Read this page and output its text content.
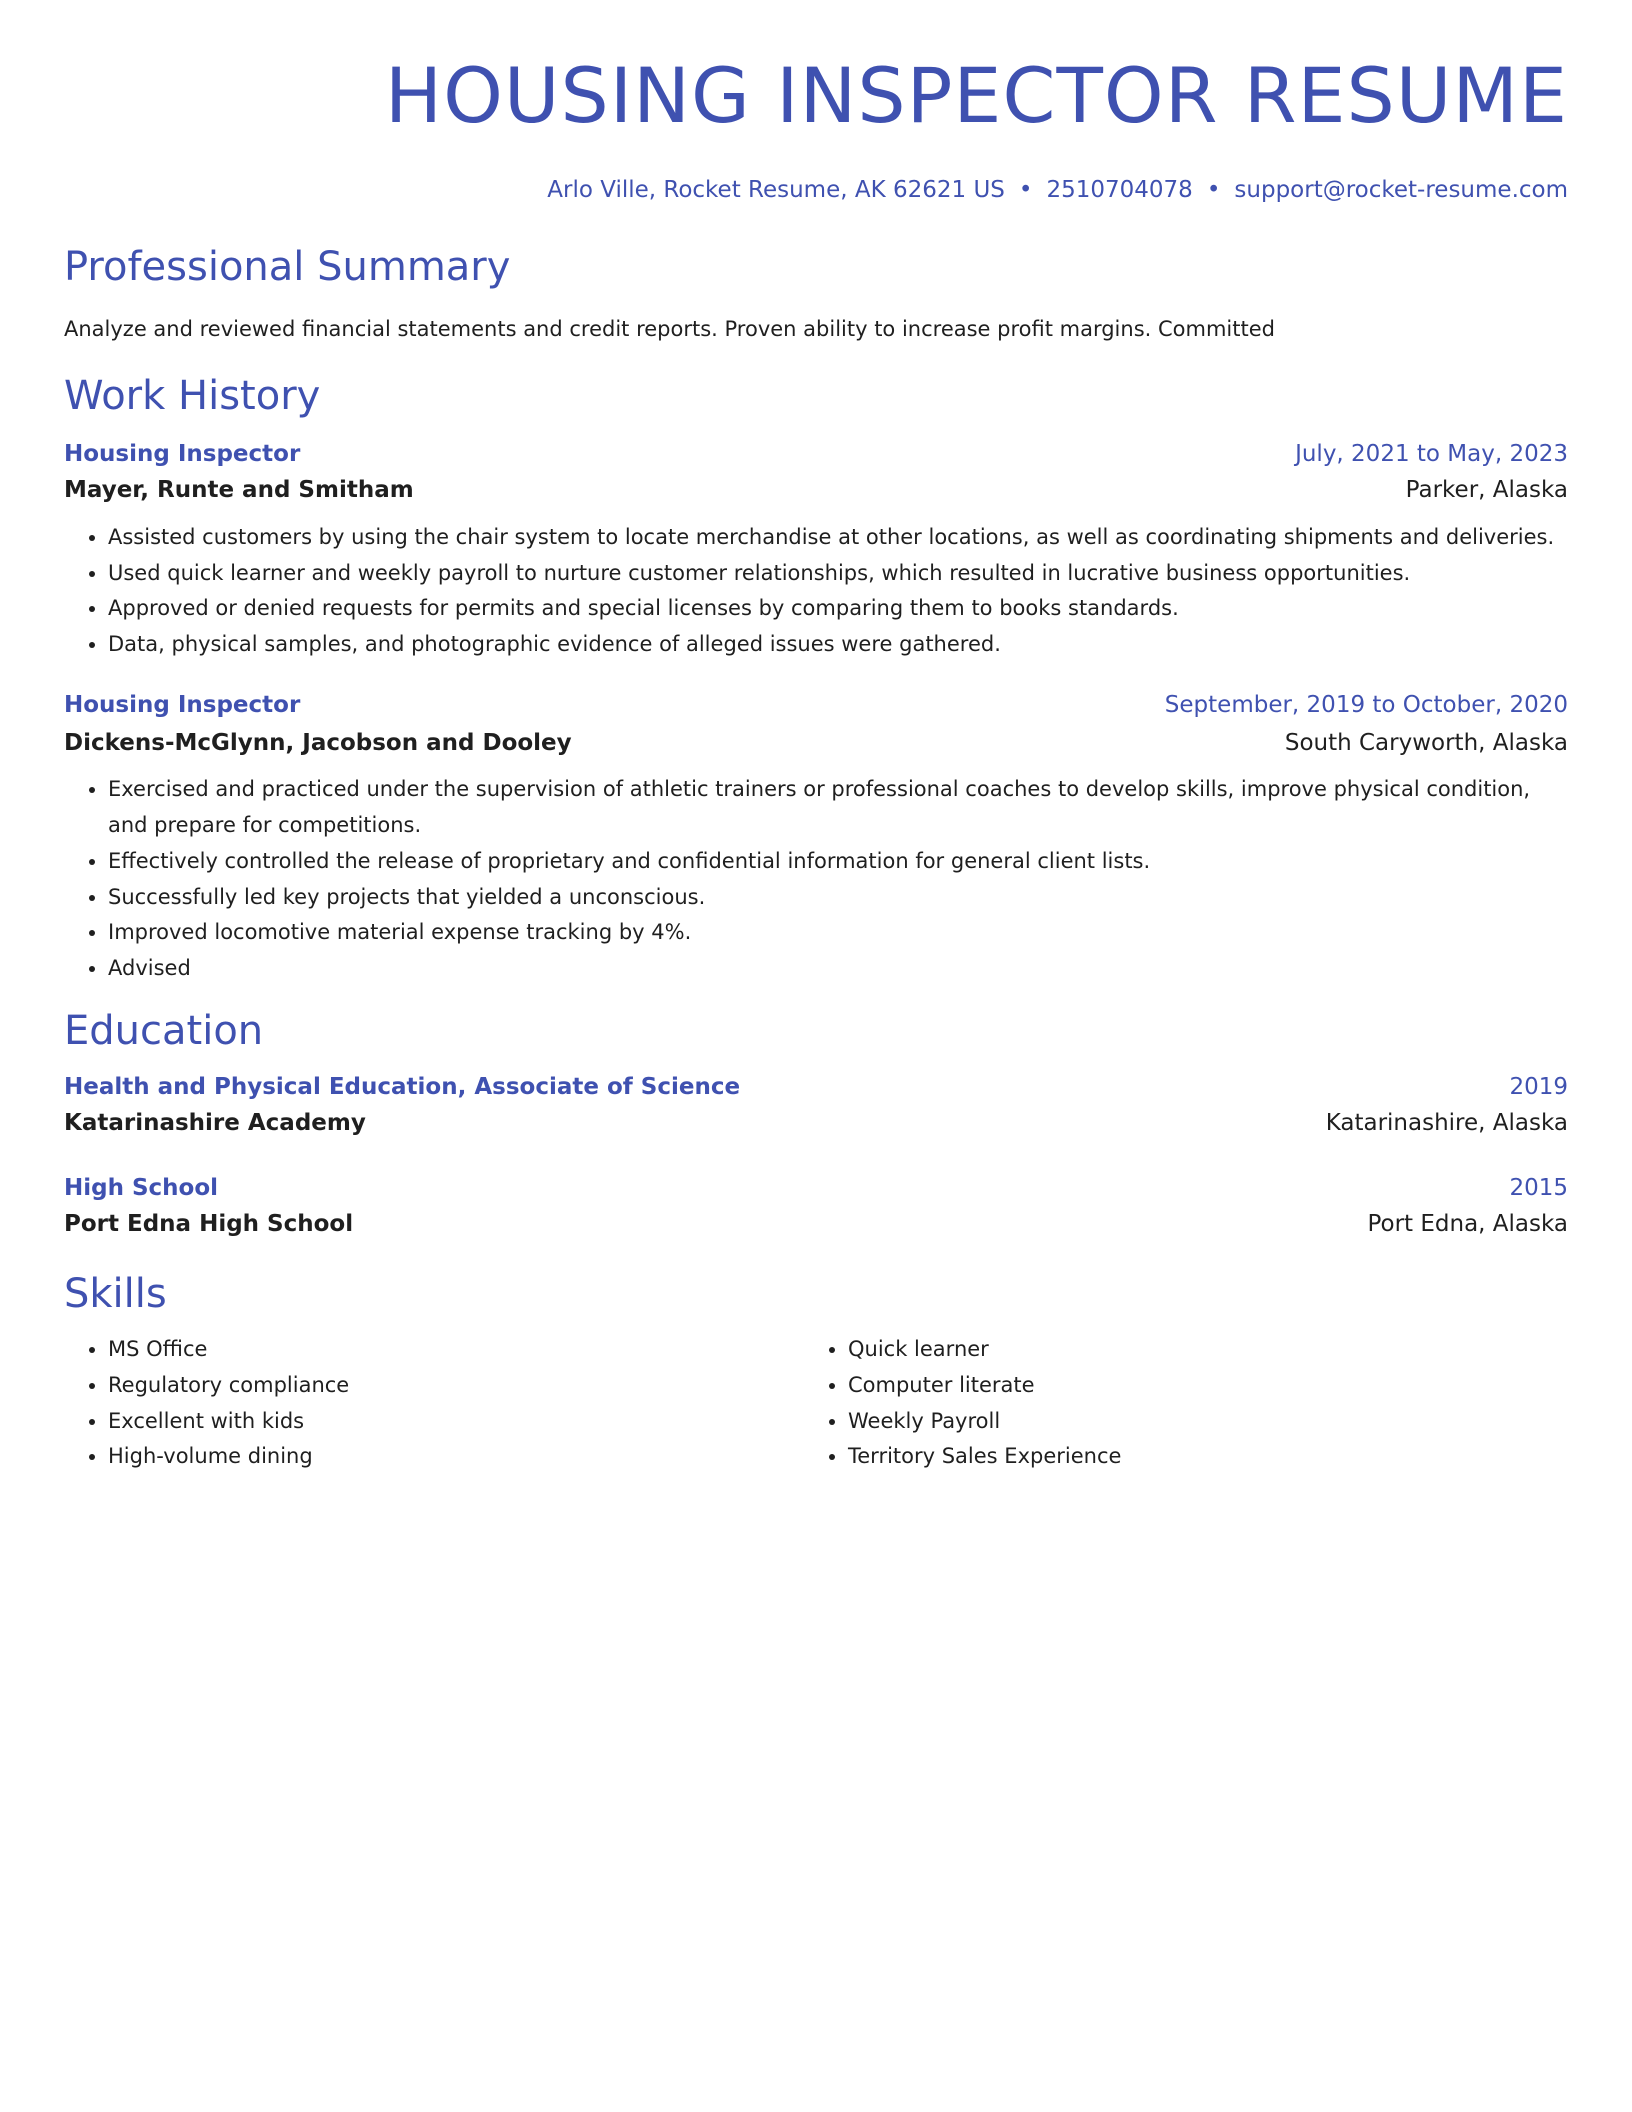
HOUSING INSPECTOR RESUME
Arlo Ville, Rocket Resume, AK 62621 US • 2510704078 • support@rocket-resume.com
Professional Summary
Analyze and reviewed financial statements and credit reports. Proven ability to increase profit margins. Committed
Work History
Housing Inspector	July, 2021 to May, 2023
Mayer, Runte and Smitham	Parker, Alaska
• Assisted customers by using the chair system to locate merchandise at other locations, as well as coordinating shipments and deliveries.
• Used quick learner and weekly payroll to nurture customer relationships, which resulted in lucrative business opportunities.
• Approved or denied requests for permits and special licenses by comparing them to books standards.
• Data, physical samples, and photographic evidence of alleged issues were gathered.
Housing Inspector	September, 2019 to October, 2020
Dickens-McGlynn, Jacobson and Dooley	South Caryworth, Alaska
• Exercised and practiced under the supervision of athletic trainers or professional coaches to develop skills, improve physical condition, and prepare for competitions.
• Effectively controlled the release of proprietary and confidential information for general client lists.
• Successfully led key projects that yielded a unconscious.
• Improved locomotive material expense tracking by 4%.
• Advised
Education
Health and Physical Education, Associate of Science	2019
Katarinashire Academy	Katarinashire, Alaska
High School	2015
Port Edna High School	Port Edna, Alaska
Skills
• MS Office
• Regulatory compliance
• Excellent with kids
• High-volume dining
• Quick learner
• Computer literate
• Weekly Payroll
• Territory Sales Experience
